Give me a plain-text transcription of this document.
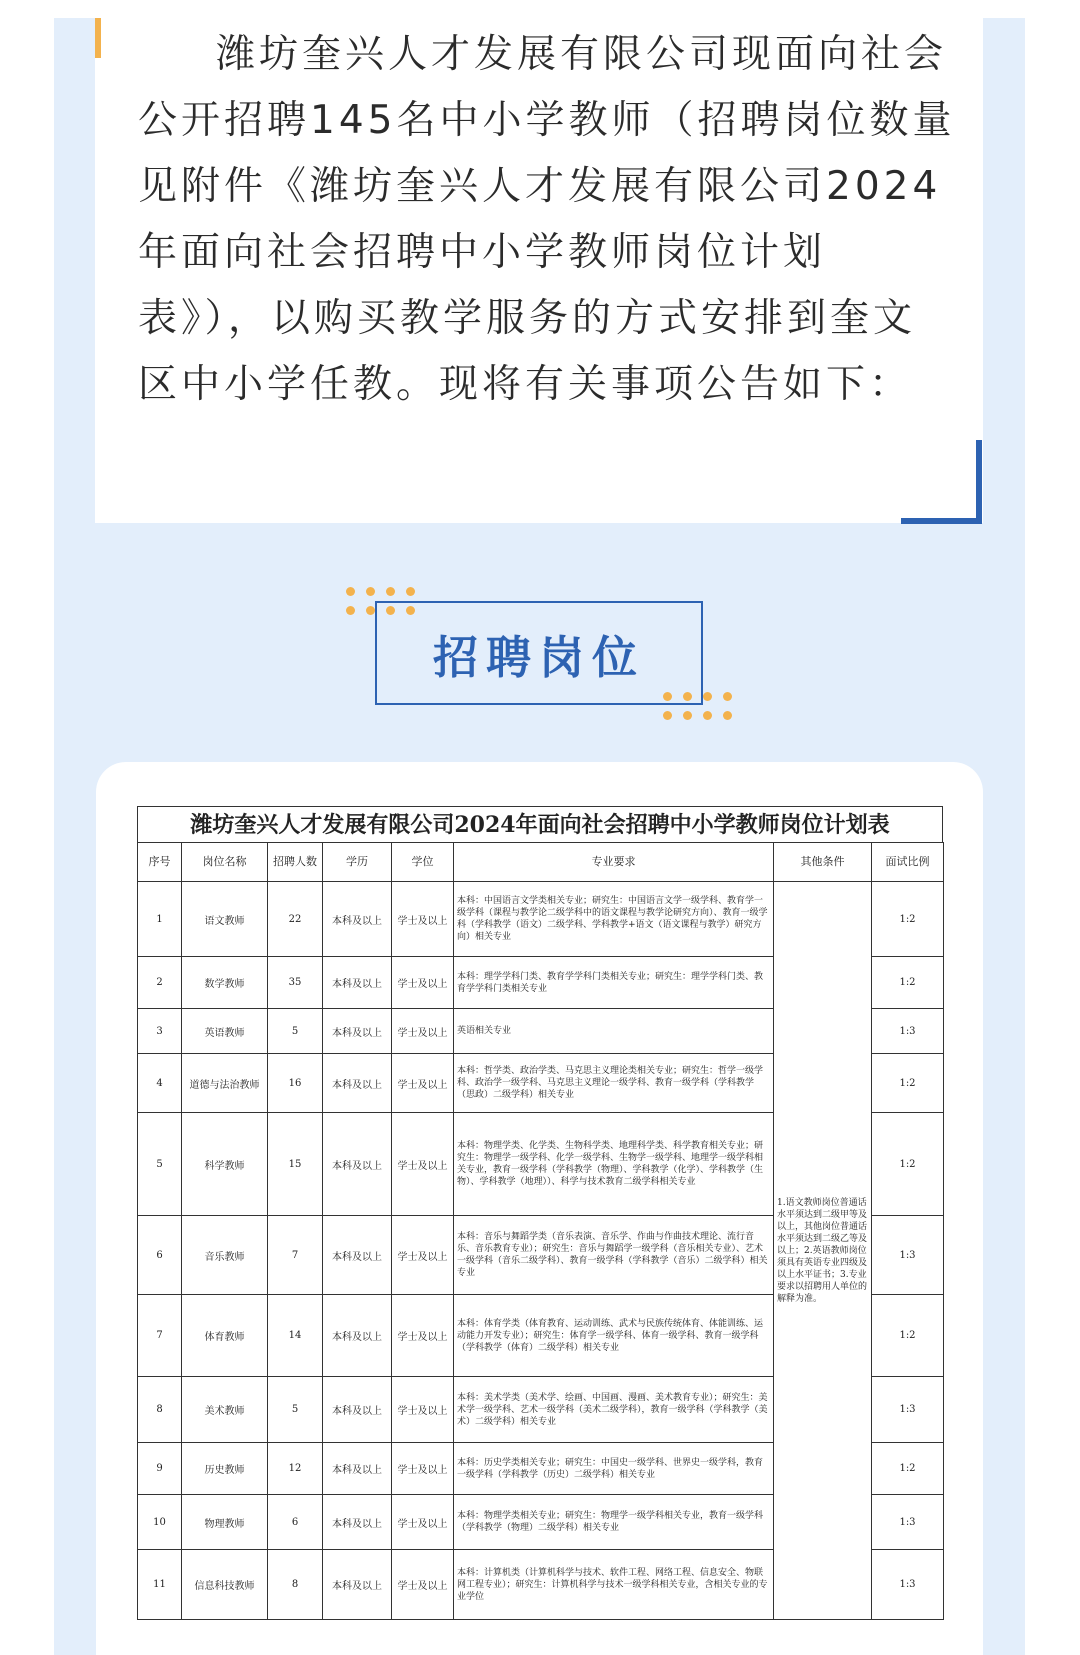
潍坊奎兴人才发展有限公司现面向社会公开招聘145名中小学教师（招聘岗位数量见附件《潍坊奎兴人才发展有限公司2024年面向社会招聘中小学教师岗位计划表》），以购买教学服务的方式安排到奎文区中小学任教。现将有关事项公告如下：

招聘岗位
潍坊奎兴人才发展有限公司2024年面向社会招聘中小学教师岗位计划表
序号	岗位名称	招聘人数	学历	学位	专业要求	其他条件	面试比例
1	语文教师	22	本科及以上	学士及以上	本科：中国语言文学类相关专业；研究生：中国语言文学一级学科、教育学一级学科（课程与教学论二级学科中的语文课程与教学论研究方向）、教育一级学科（学科教学（语文）二级学科、学科教学+语文（语文课程与教学）研究方向）相关专业	1.语文教师岗位普通话水平须达到二级甲等及以上，其他岗位普通话水平须达到二级乙等及以上；2.英语教师岗位须具有英语专业四级及以上水平证书；3.专业要求以招聘用人单位的解释为准。	1:2
2	数学教师	35	本科及以上	学士及以上	本科：理学学科门类、教育学学科门类相关专业；研究生：理学学科门类、教育学学科门类相关专业		1:2
3	英语教师	5	本科及以上	学士及以上	英语相关专业		1:3
4	道德与法治教师	16	本科及以上	学士及以上	本科：哲学类、政治学类、马克思主义理论类相关专业；研究生：哲学一级学科、政治学一级学科、马克思主义理论一级学科、教育一级学科（学科教学（思政）二级学科）相关专业		1:2
5	科学教师	15	本科及以上	学士及以上	本科：物理学类、化学类、生物科学类、地理科学类、科学教育相关专业；研究生：物理学一级学科、化学一级学科、生物学一级学科、地理学一级学科相关专业，教育一级学科（学科教学（物理）、学科教学（化学）、学科教学（生物）、学科教学（地理））、科学与技术教育二级学科相关专业		1:2
6	音乐教师	7	本科及以上	学士及以上	本科：音乐与舞蹈学类（音乐表演、音乐学、作曲与作曲技术理论、流行音乐、音乐教育专业）；研究生：音乐与舞蹈学一级学科（音乐相关专业）、艺术一级学科（音乐二级学科）、教育一级学科（学科教学（音乐）二级学科）相关专业		1:3
7	体育教师	14	本科及以上	学士及以上	本科：体育学类（体育教育、运动训练、武术与民族传统体育、体能训练、运动能力开发专业）；研究生：体育学一级学科、体育一级学科、教育一级学科（学科教学（体育）二级学科）相关专业		1:2
8	美术教师	5	本科及以上	学士及以上	本科：美术学类（美术学、绘画、中国画、漫画、美术教育专业）；研究生：美术学一级学科、艺术一级学科（美术二级学科），教育一级学科（学科教学（美术）二级学科）相关专业		1:3
9	历史教师	12	本科及以上	学士及以上	本科：历史学类相关专业；研究生：中国史一级学科、世界史一级学科，教育一级学科（学科教学（历史）二级学科）相关专业		1:2
10	物理教师	6	本科及以上	学士及以上	本科：物理学类相关专业；研究生：物理学一级学科相关专业，教育一级学科（学科教学（物理）二级学科）相关专业		1:3
11	信息科技教师	8	本科及以上	学士及以上	本科：计算机类（计算机科学与技术、软件工程、网络工程、信息安全、物联网工程专业）；研究生：计算机科学与技术一级学科相关专业，含相关专业的专业学位		1:3
